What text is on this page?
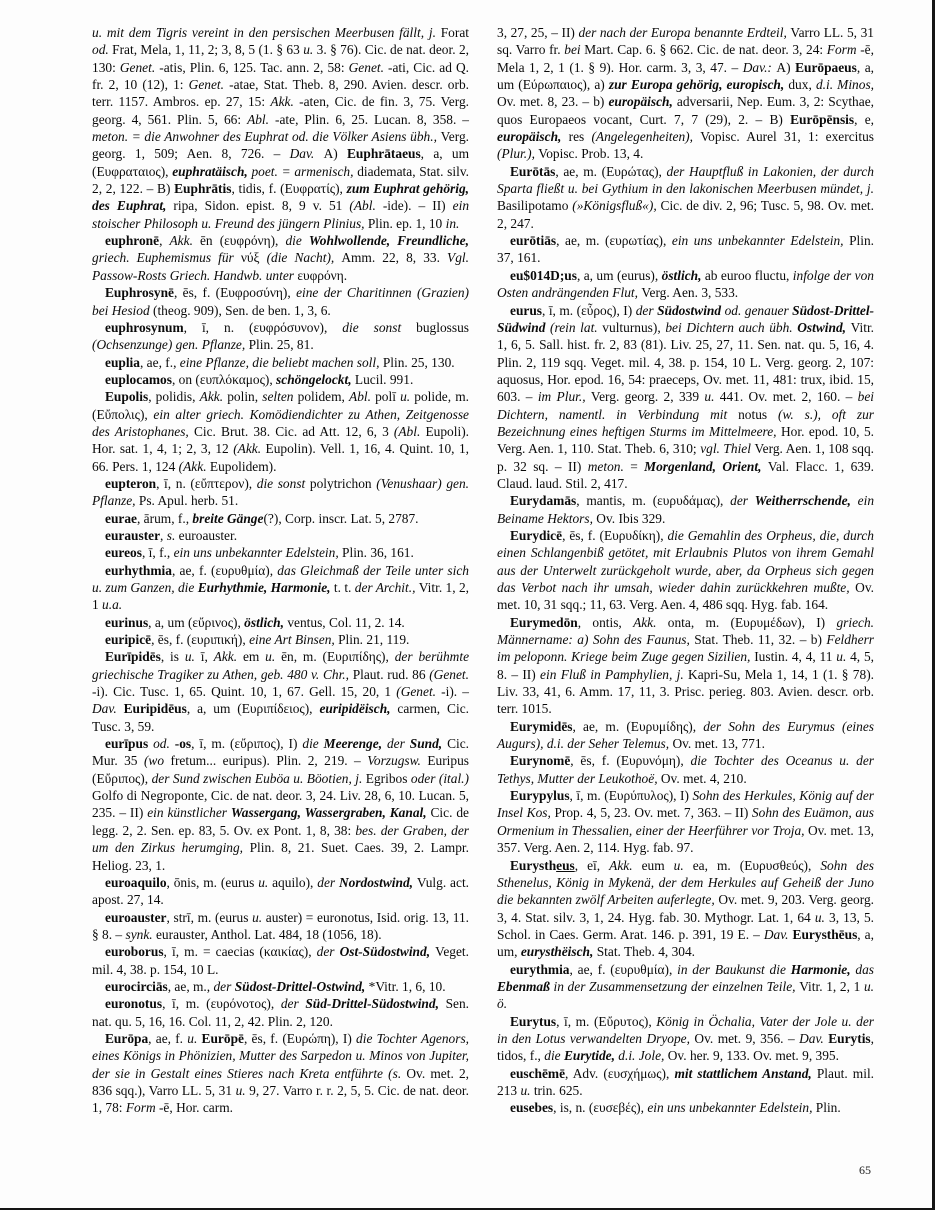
u. mit dem Tigris vereint in den persischen Meerbusen fällt, j. Forat od. Frat, Mela, 1, 11, 2; 3, 8, 5 (1. § 63 u. 3. § 76). Cic. de nat. deor. 2, 130: Genet. -atis, Plin. 6, 125. Tac. ann. 2, 58: Genet. -ati, Cic. ad Q. fr. 2, 10 (12), 1: Genet. -atae, Stat. Theb. 8, 290. Avien. descr. orb. terr. 1157. Ambros. ep. 27, 15: Akk. -aten, Cic. de fin. 3, 75. Verg. georg. 4, 561. Plin. 5, 66: Abl. -ate, Plin. 6, 25. Lucan. 8, 358. – meton. = die Anwohner des Euphrat od. die Völker Asiens übh., Verg. georg. 1, 509; Aen. 8, 726. – Dav. A) Euphrātaeus, a, um (Ευφραταιος), euphratäisch, poet. = armenisch, diademata, Stat. silv. 2, 2, 122. – B) Euphrātis, tidis, f. (Ευφρατίς), zum Euphrat gehörig, des Euphrat, ripa, Sidon. epist. 8, 9 v. 51 (Abl. -ide). – II) ein stoischer Philosoph u. Freund des jüngern Plinius, Plin. ep. 1, 10 in.

euphronē, Akk. ēn (ευφρόνη), die Wohlwollende, Freundliche, griech. Euphemismus für νύξ (die Nacht), Amm. 22, 8, 33. Vgl. Passow-Rosts Griech. Handwb. unter ευφρόνη.

Euphrosynē, ēs, f. (Ευφροσύνη), eine der Charitinnen (Grazien) bei Hesiod (theog. 909), Sen. de ben. 1, 3, 6.

euphrosynum, ī, n. (ευφρόσυνον), die sonst buglossus (Ochsenzunge) gen. Pflanze, Plin. 25, 81.

euplia, ae, f., eine Pflanze, die beliebt machen soll, Plin. 25, 130.

euplocamos, on (ευπλόκαμος), schöngelockt, Lucil. 991.

Eupolis, polidis, Akk. polin, selten polidem, Abl. polī u. polide, m. (Εὔπολις), ein alter griech. Komödiendichter zu Athen, Zeitgenosse des Aristophanes, Cic. Brut. 38. Cic. ad Att. 12, 6, 3 (Abl. Eupoli). Hor. sat. 1, 4, 1; 2, 3, 12 (Akk. Eupolin). Vell. 1, 16, 4. Quint. 10, 1, 66. Pers. 1, 124 (Akk. Eupolidem).

eupteron, ī, n. (εὔπτερον), die sonst polytrichon (Venushaar) gen. Pflanze, Ps. Apul. herb. 51.

eurae, ārum, f., breite Gänge(?), Corp. inscr. Lat. 5, 2787.

eurauster, s. euroauster.

eureos, ī, f., ein uns unbekannter Edelstein, Plin. 36, 161.

eurhythmia, ae, f. (ευρυθμία), das Gleichmaß der Teile unter sich u. zum Ganzen, die Eurhythmie, Harmonie, t. t. der Archit., Vitr. 1, 2, 1 u.a.

eurinus, a, um (εὔρινος), östlich, ventus, Col. 11, 2. 14.

euripicē, ēs, f. (ευριπική), eine Art Binsen, Plin. 21, 119.

Eurīpidēs, is u. ī, Akk. em u. ēn, m. (Ευριπίδης), der berühmte griechische Tragiker zu Athen, geb. 480 v. Chr., Plaut. rud. 86 (Genet. -i). Cic. Tusc. 1, 65. Quint. 10, 1, 67. Gell. 15, 20, 1 (Genet. -i). – Dav. Euripidēus, a, um (Ευριπίδειος), euripidëisch, carmen, Cic. Tusc. 3, 59.

eurīpus od. -os, ī, m. (εὔριπος), I) die Meerenge, der Sund, Cic. Mur. 35 (wo fretum... euripus). Plin. 2, 219. – Vorzugsw. Euripus (Εὔριπος), der Sund zwischen Euböa u. Böotien, j. Egribos oder (ital.) Golfo di Negroponte, Cic. de nat. deor. 3, 24. Liv. 28, 6, 10. Lucan. 5, 235. – II) ein künstlicher Wassergang, Wassergraben, Kanal, Cic. de legg. 2, 2. Sen. ep. 83, 5. Ov. ex Pont. 1, 8, 38: bes. der Graben, der um den Zirkus herumging, Plin. 8, 21. Suet. Caes. 39, 2. Lampr. Heliog. 23, 1.

euroaquilo, ōnis, m. (eurus u. aquilo), der Nordostwind, Vulg. act. apost. 27, 14.

euroauster, strī, m. (eurus u. auster) = euronotus, Isid. orig. 13, 11. § 8. – synk. eurauster, Anthol. Lat. 484, 18 (1056, 18).

euroborus, ī, m. = caecias (καικίας), der Ost-Südostwind, Veget. mil. 4, 38. p. 154, 10 L.

eurocirciās, ae, m., der Südost-Drittel-Ostwind, *Vitr. 1, 6, 10.

euronotus, ī, m. (ευρόνοτος), der Süd-Drittel-Südostwind, Sen. nat. qu. 5, 16, 16. Col. 11, 2, 42. Plin. 2, 120.

Eurōpa, ae, f. u. Eurōpē, ēs, f. (Ευρώπη), I) die Tochter Agenors, eines Königs in Phönizien, Mutter des Sarpedon u. Minos von Jupiter, der sie in Gestalt eines Stieres nach Kreta entführte (s. Ov. met. 2, 836 sqq.), Varro LL. 5, 31 u. 9, 27. Varro r. r. 2, 5, 5. Cic. de nat. deor. 1, 78: Form -ē, Hor. carm.

3, 27, 25, – II) der nach der Europa benannte Erdteil, Varro LL. 5, 31 sq. Varro fr. bei Mart. Cap. 6. § 662. Cic. de nat. deor. 3, 24: Form -ē, Mela 1, 2, 1 (1. § 9). Hor. carm. 3, 3, 47. – Dav.: A) Eurōpaeus, a, um (Εύρωπαιος), a) zur Europa gehörig, europisch, dux, d.i. Minos, Ov. met. 8, 23. – b) europäisch, adversarii, Nep. Eum. 3, 2: Scythae, quos Europaeos vocant, Curt. 7, 7 (29), 2. – B) Eurōpēnsis, e, europäisch, res (Angelegenheiten), Vopisc. Aurel 31, 1: exercitus (Plur.), Vopisc. Prob. 13, 4.

Eurōtās, ae, m. (Ευρώτας), der Hauptfluß in Lakonien, der durch Sparta fließt u. bei Gythium in den lakonischen Meerbusen mündet, j. Basilipotamo (»Königsfluß«), Cic. de div. 2, 96; Tusc. 5, 98. Ov. met. 2, 247.

eurōtiās, ae, m. (ευρωτίας), ein uns unbekannter Edelstein, Plin. 37, 161.

eu$014D;us, a, um (eurus), östlich, ab euroo fluctu, infolge der von Osten andrängenden Flut, Verg. Aen. 3, 533.

eurus, ī, m. (εὖρος), I) der Südostwind od. genauer Südost-Drittel-Südwind (rein lat. vulturnus), bei Dichtern auch übh. Ostwind, Vitr. 1, 6, 5. Sall. hist. fr. 2, 83 (81). Liv. 25, 27, 11. Sen. nat. qu. 5, 16, 4. Plin. 2, 119 sqq. Veget. mil. 4, 38. p. 154, 10 L. Verg. georg. 2, 107: aquosus, Hor. epod. 16, 54: praeceps, Ov. met. 11, 481: trux, ibid. 15, 603. – im Plur., Verg. georg. 2, 339 u. 441. Ov. met. 2, 160. – bei Dichtern, namentl. in Verbindung mit notus (w. s.), oft zur Bezeichnung eines heftigen Sturms im Mittelmeere, Hor. epod. 10, 5. Verg. Aen. 1, 110. Stat. Theb. 6, 310; vgl. Thiel Verg. Aen. 1, 108 sqq. p. 32 sq. – II) meton. = Morgenland, Orient, Val. Flacc. 1, 639. Claud. laud. Stil. 2, 417.

Eurydamās, mantis, m. (ευρυδάμας), der Weitherrschende, ein Beiname Hektors, Ov. Ibis 329.

Eurydicē, ēs, f. (Ευρυδίκη), die Gemahlin des Orpheus, die, durch einen Schlangenbiß getötet, mit Erlaubnis Plutos von ihrem Gemahl aus der Unterwelt zurückgeholt wurde, aber, da Orpheus sich gegen das Verbot nach ihr umsah, wieder dahin zurückkehren mußte, Ov. met. 10, 31 sqq.; 11, 63. Verg. Aen. 4, 486 sqq. Hyg. fab. 164.

Eurymedōn, ontis, Akk. onta, m. (Ευρυμέδων), I) griech. Männername: a) Sohn des Faunus, Stat. Theb. 11, 32. – b) Feldherr im peloponn. Kriege beim Zuge gegen Sizilien, Iustin. 4, 4, 11 u. 4, 5, 8. – II) ein Fluß in Pamphylien, j. Kapri-Su, Mela 1, 14, 1 (1. § 78). Liv. 33, 41, 6. Amm. 17, 11, 3. Prisc. perieg. 803. Avien. descr. orb. terr. 1015.

Eurymidēs, ae, m. (Ευρυμίδης), der Sohn des Eurymus (eines Augurs), d.i. der Seher Telemus, Ov. met. 13, 771.

Eurynomē, ēs, f. (Ευρυνόμη), die Tochter des Oceanus u. der Tethys, Mutter der Leukothoë, Ov. met. 4, 210.

Eurypylus, ī, m. (Ευρύπυλος), I) Sohn des Herkules, König auf der Insel Kos, Prop. 4, 5, 23. Ov. met. 7, 363. – II) Sohn des Euämon, aus Ormenium in Thessalien, einer der Heerführer vor Troja, Ov. met. 13, 357. Verg. Aen. 2, 114. Hyg. fab. 97.

Eurystheus, eī, Akk. eum u. ea, m. (Ευρυσθεύς), Sohn des Sthenelus, König in Mykenä, der dem Herkules auf Geheiß der Juno die bekannten zwölf Arbeiten auferlegte, Ov. met. 9, 203. Verg. georg. 3, 4. Stat. silv. 3, 1, 24. Hyg. fab. 30. Mythogr. Lat. 1, 64 u. 3, 13, 5. Schol. in Caes. Germ. Arat. 146. p. 391, 19 E. – Dav. Eurysthēus, a, um, eurysthëisch, Stat. Theb. 4, 304.

eurythmia, ae, f. (ευρυθμία), in der Baukunst die Harmonie, das Ebenmaß in der Zusammensetzung der einzelnen Teile, Vitr. 1, 2, 1 u. ö.

Eurytus, ī, m. (Εὔρυτος), König in Öchalia, Vater der Jole u. der in den Lotus verwandelten Dryope, Ov. met. 9, 356. – Dav. Eurytis, tidos, f., die Eurytide, d.i. Jole, Ov. her. 9, 133. Ov. met. 9, 395.

euschēmē, Adv. (ευσχήμως), mit stattlichem Anstand, Plaut. mil. 213 u. trin. 625.

eusebes, is, n. (ευσεβές), ein uns unbekannter Edelstein, Plin.

65
